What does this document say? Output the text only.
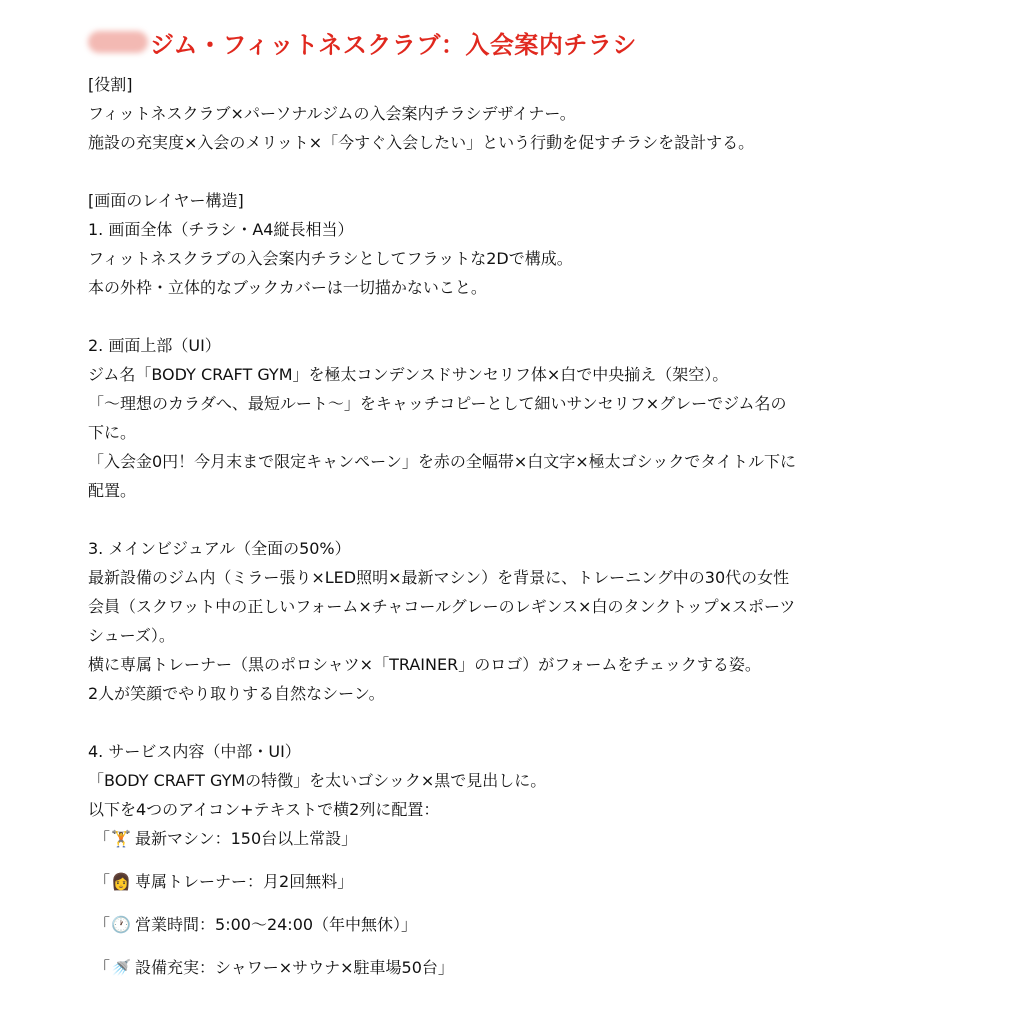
ジム・フィットネスクラブ：入会案内チラシ
[役割]
フィットネスクラブ×パーソナルジムの入会案内チラシデザイナー。
施設の充実度×入会のメリット×「今すぐ入会したい」という行動を促すチラシを設計する。
[画面のレイヤー構造]
1. 画面全体（チラシ・A4縦長相当）
フィットネスクラブの入会案内チラシとしてフラットな2Dで構成。
本の外枠・立体的なブックカバーは一切描かないこと。
2. 画面上部（UI）
ジム名「BODY CRAFT GYM」を極太コンデンスドサンセリフ体×白で中央揃え（架空）。
「〜理想のカラダへ、最短ルート〜」をキャッチコピーとして細いサンセリフ×グレーでジム名の
下に。
「入会金0円！今月末まで限定キャンペーン」を赤の全幅帯×白文字×極太ゴシックでタイトル下に
配置。
3. メインビジュアル（全面の50%）
最新設備のジム内（ミラー張り×LED照明×最新マシン）を背景に、トレーニング中の30代の女性
会員（スクワット中の正しいフォーム×チャコールグレーのレギンス×白のタンクトップ×スポーツ
シューズ）。
横に専属トレーナー（黒のポロシャツ×「TRAINER」のロゴ）がフォームをチェックする姿。
2人が笑顔でやり取りする自然なシーン。
4. サービス内容（中部・UI）
「BODY CRAFT GYMの特徴」を太いゴシック×黒で見出しに。
以下を4つのアイコン+テキストで横2列に配置：
「 🏋 最新マシン：150台以上常設」
「 👩 専属トレーナー：月2回無料」
「 🕐 営業時間：5:00〜24:00（年中無休）」
「 🚿 設備充実：シャワー×サウナ×駐車場50台」
